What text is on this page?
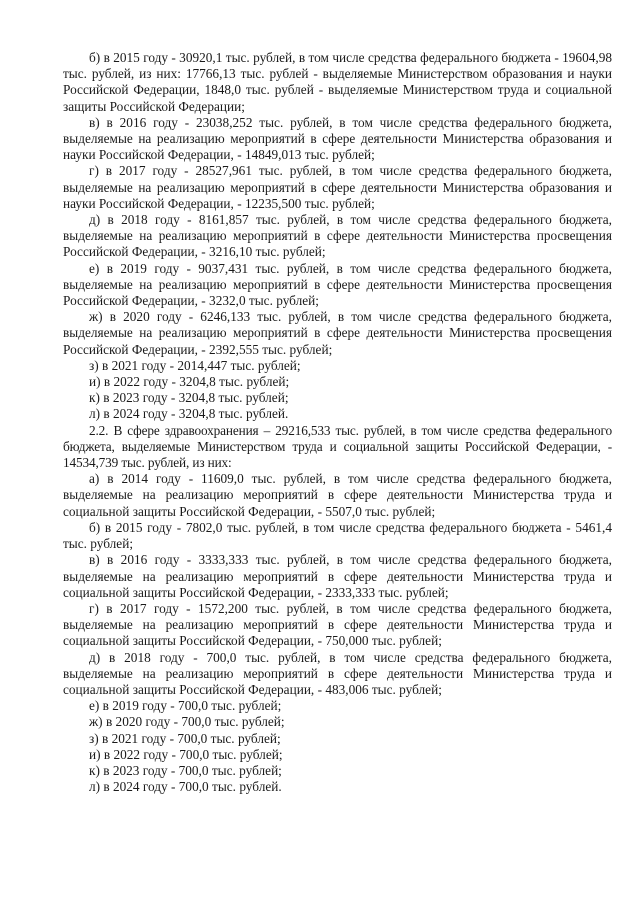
б) в 2015 году - 30920,1 тыс. рублей, в том числе средства федерального бюджета - 19604,98 тыс. рублей, из них: 17766,13 тыс. рублей - выделяемые Министерством образования и науки Российской Федерации, 1848,0 тыс. рублей - выделяемые Министерством труда и социальной защиты Российской Федерации;

в) в 2016 году - 23038,252 тыс. рублей, в том числе средства федерального бюджета, выделяемые на реализацию мероприятий в сфере деятельности Министерства образования и науки Российской Федерации, - 14849,013 тыс. рублей;

г) в 2017 году - 28527,961 тыс. рублей, в том числе средства федерального бюджета, выделяемые на реализацию мероприятий в сфере деятельности Министерства образования и науки Российской Федерации, - 12235,500 тыс. рублей;

д) в 2018 году - 8161,857 тыс. рублей, в том числе средства федерального бюджета, выделяемые на реализацию мероприятий в сфере деятельности Министерства просвещения Российской Федерации, - 3216,10 тыс. рублей;

е) в 2019 году - 9037,431 тыс. рублей, в том числе средства федерального бюджета, выделяемые на реализацию мероприятий в сфере деятельности Министерства просвещения Российской Федерации, - 3232,0 тыс. рублей;

ж) в 2020 году - 6246,133 тыс. рублей, в том числе средства федерального бюджета, выделяемые на реализацию мероприятий в сфере деятельности Министерства просвещения Российской Федерации, - 2392,555 тыс. рублей;

з) в 2021 году - 2014,447 тыс. рублей;

и) в 2022 году - 3204,8 тыс. рублей;

к) в 2023 году - 3204,8 тыс. рублей;

л) в 2024 году - 3204,8 тыс. рублей.

2.2. В сфере здравоохранения – 29216,533 тыс. рублей, в том числе средства федерального бюджета, выделяемые Министерством труда и социальной защиты Российской Федерации, - 14534,739 тыс. рублей, из них:

а) в 2014 году - 11609,0 тыс. рублей, в том числе средства федерального бюджета, выделяемые на реализацию мероприятий в сфере деятельности Министерства труда и социальной защиты Российской Федерации, - 5507,0 тыс. рублей;

б) в 2015 году - 7802,0 тыс. рублей, в том числе средства федерального бюджета - 5461,4 тыс. рублей;

в) в 2016 году - 3333,333 тыс. рублей, в том числе средства федерального бюджета, выделяемые на реализацию мероприятий в сфере деятельности Министерства труда и социальной защиты Российской Федерации, - 2333,333 тыс. рублей;

г) в 2017 году - 1572,200 тыс. рублей, в том числе средства федерального бюджета, выделяемые на реализацию мероприятий в сфере деятельности Министерства труда и социальной защиты Российской Федерации, - 750,000 тыс. рублей;

д) в 2018 году - 700,0 тыс. рублей, в том числе средства федерального бюджета, выделяемые на реализацию мероприятий в сфере деятельности Министерства труда и социальной защиты Российской Федерации, - 483,006 тыс. рублей;

е) в 2019 году - 700,0 тыс. рублей;

ж) в 2020 году - 700,0 тыс. рублей;

з) в 2021 году - 700,0 тыс. рублей;

и) в 2022 году - 700,0 тыс. рублей;

к) в 2023 году - 700,0 тыс. рублей;

л) в 2024 году - 700,0 тыс. рублей.
